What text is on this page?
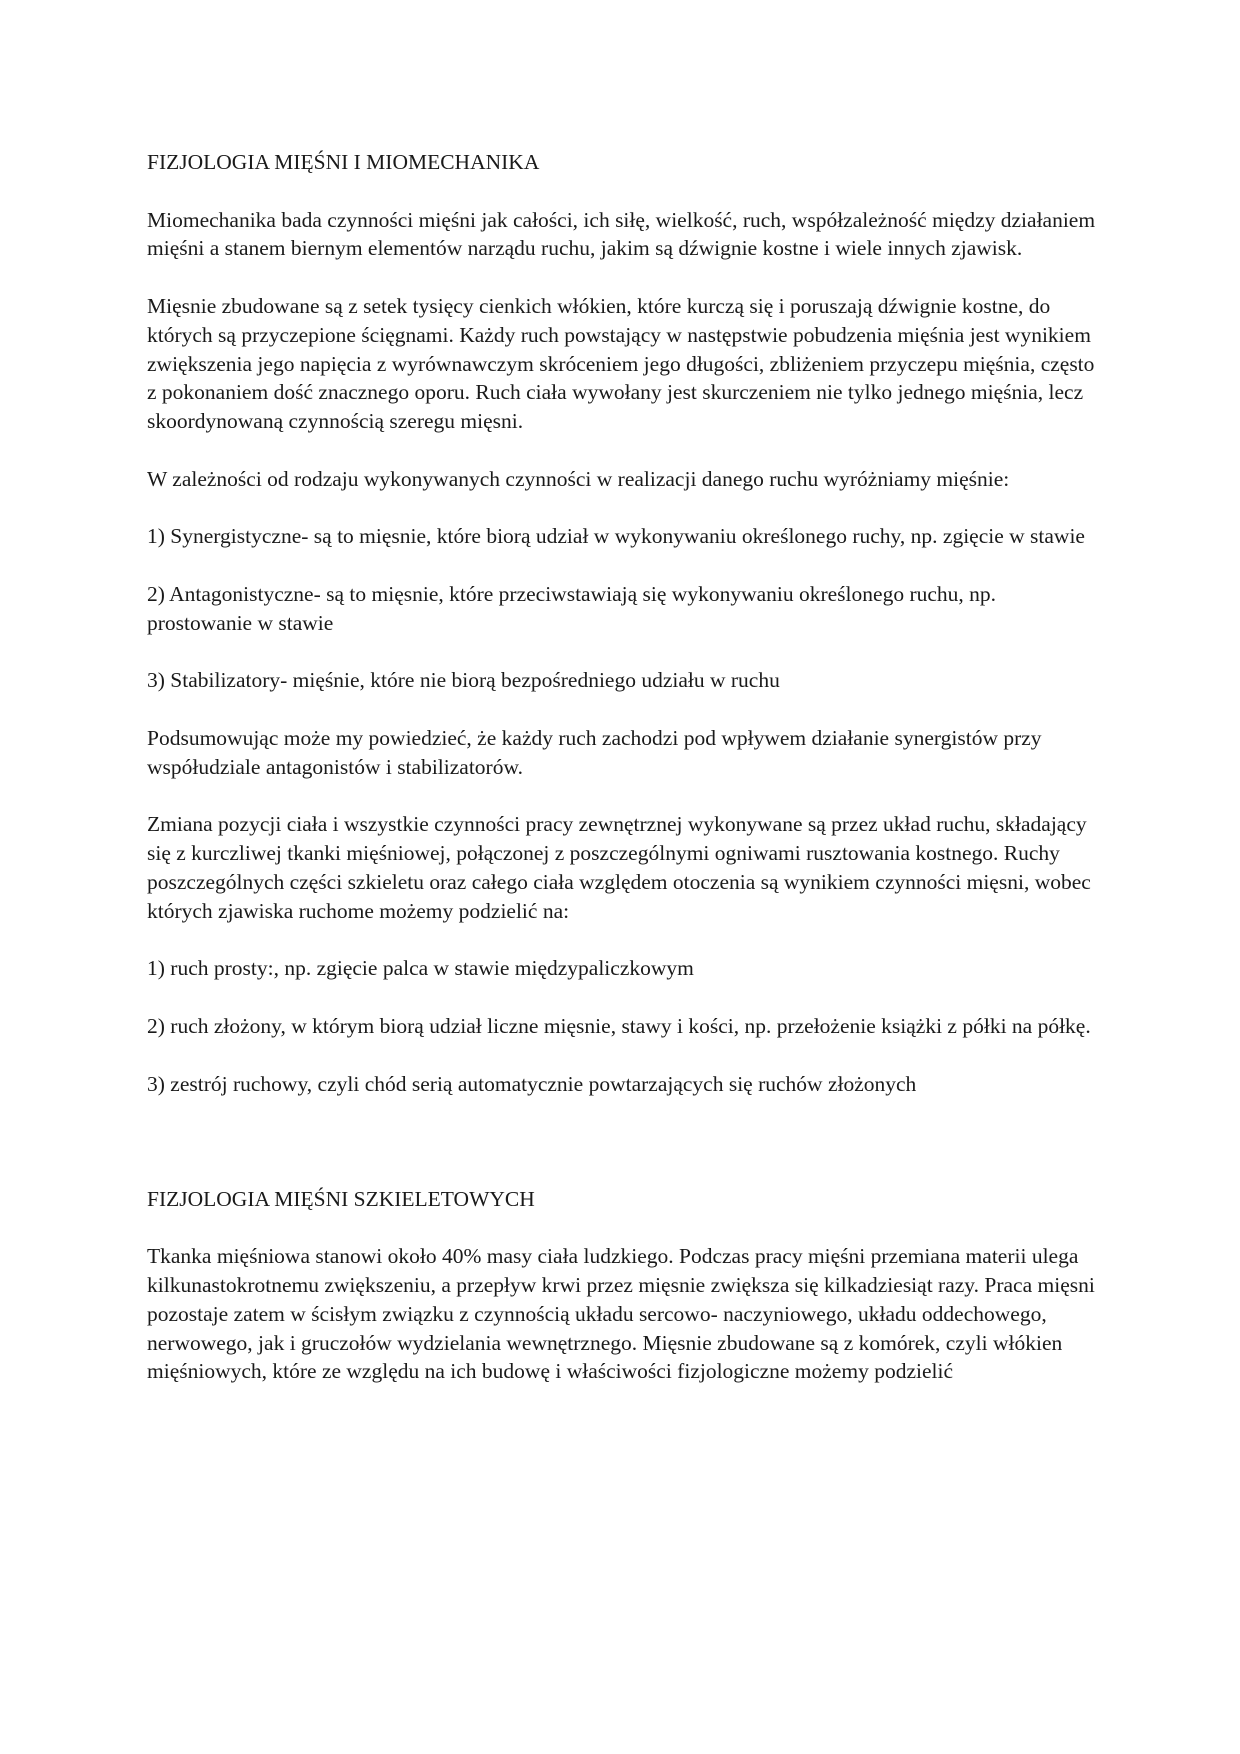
FIZJOLOGIA MIĘŚNI I MIOMECHANIKA

Miomechanika bada czynności mięśni jak całości, ich siłę, wielkość, ruch, współzależność między działaniem mięśni a stanem biernym elementów narządu ruchu, jakim są dźwignie kostne i wiele innych zjawisk.

Mięsnie zbudowane są z setek tysięcy cienkich włókien, które kurczą się i poruszają dźwignie kostne, do których są przyczepione ścięgnami. Każdy ruch powstający w następstwie pobudzenia mięśnia jest wynikiem zwiększenia jego napięcia z wyrównawczym skróceniem jego długości, zbliżeniem przyczepu mięśnia, często z pokonaniem dość znacznego oporu. Ruch ciała wywołany jest skurczeniem nie tylko jednego mięśnia, lecz skoordynowaną czynnością szeregu mięsni.

W zależności od rodzaju wykonywanych czynności w realizacji danego ruchu wyróżniamy mięśnie:

1) Synergistyczne- są to mięsnie, które biorą udział w wykonywaniu określonego ruchy, np. zgięcie w stawie

2) Antagonistyczne- są to mięsnie, które przeciwstawiają się wykonywaniu określonego ruchu, np. prostowanie w stawie

3) Stabilizatory- mięśnie, które nie biorą bezpośredniego udziału w ruchu

Podsumowując może my powiedzieć, że każdy ruch zachodzi pod wpływem działanie synergistów przy współudziale antagonistów i stabilizatorów.

Zmiana pozycji ciała i wszystkie czynności pracy zewnętrznej wykonywane są przez układ ruchu, składający się z kurczliwej tkanki mięśniowej, połączonej z poszczególnymi ogniwami rusztowania kostnego. Ruchy poszczególnych części szkieletu oraz całego ciała względem otoczenia są wynikiem czynności mięsni, wobec których zjawiska ruchome możemy podzielić na:

1) ruch prosty:, np. zgięcie palca w stawie międzypaliczkowym

2) ruch złożony, w którym biorą udział liczne mięsnie, stawy i kości, np. przełożenie książki z półki na półkę.

3) zestrój ruchowy, czyli chód serią automatycznie powtarzających się ruchów złożonych

FIZJOLOGIA MIĘŚNI SZKIELETOWYCH

Tkanka mięśniowa stanowi około 40% masy ciała ludzkiego. Podczas pracy mięśni przemiana materii ulega kilkunastokrotnemu zwiększeniu, a przepływ krwi przez mięsnie zwiększa się kilkadziesiąt razy. Praca mięsni pozostaje zatem w ścisłym związku z czynnością układu sercowo- naczyniowego, układu oddechowego, nerwowego, jak i gruczołów wydzielania wewnętrznego. Mięsnie zbudowane są z komórek, czyli włókien mięśniowych, które ze względu na ich budowę i właściwości fizjologiczne możemy podzielić
